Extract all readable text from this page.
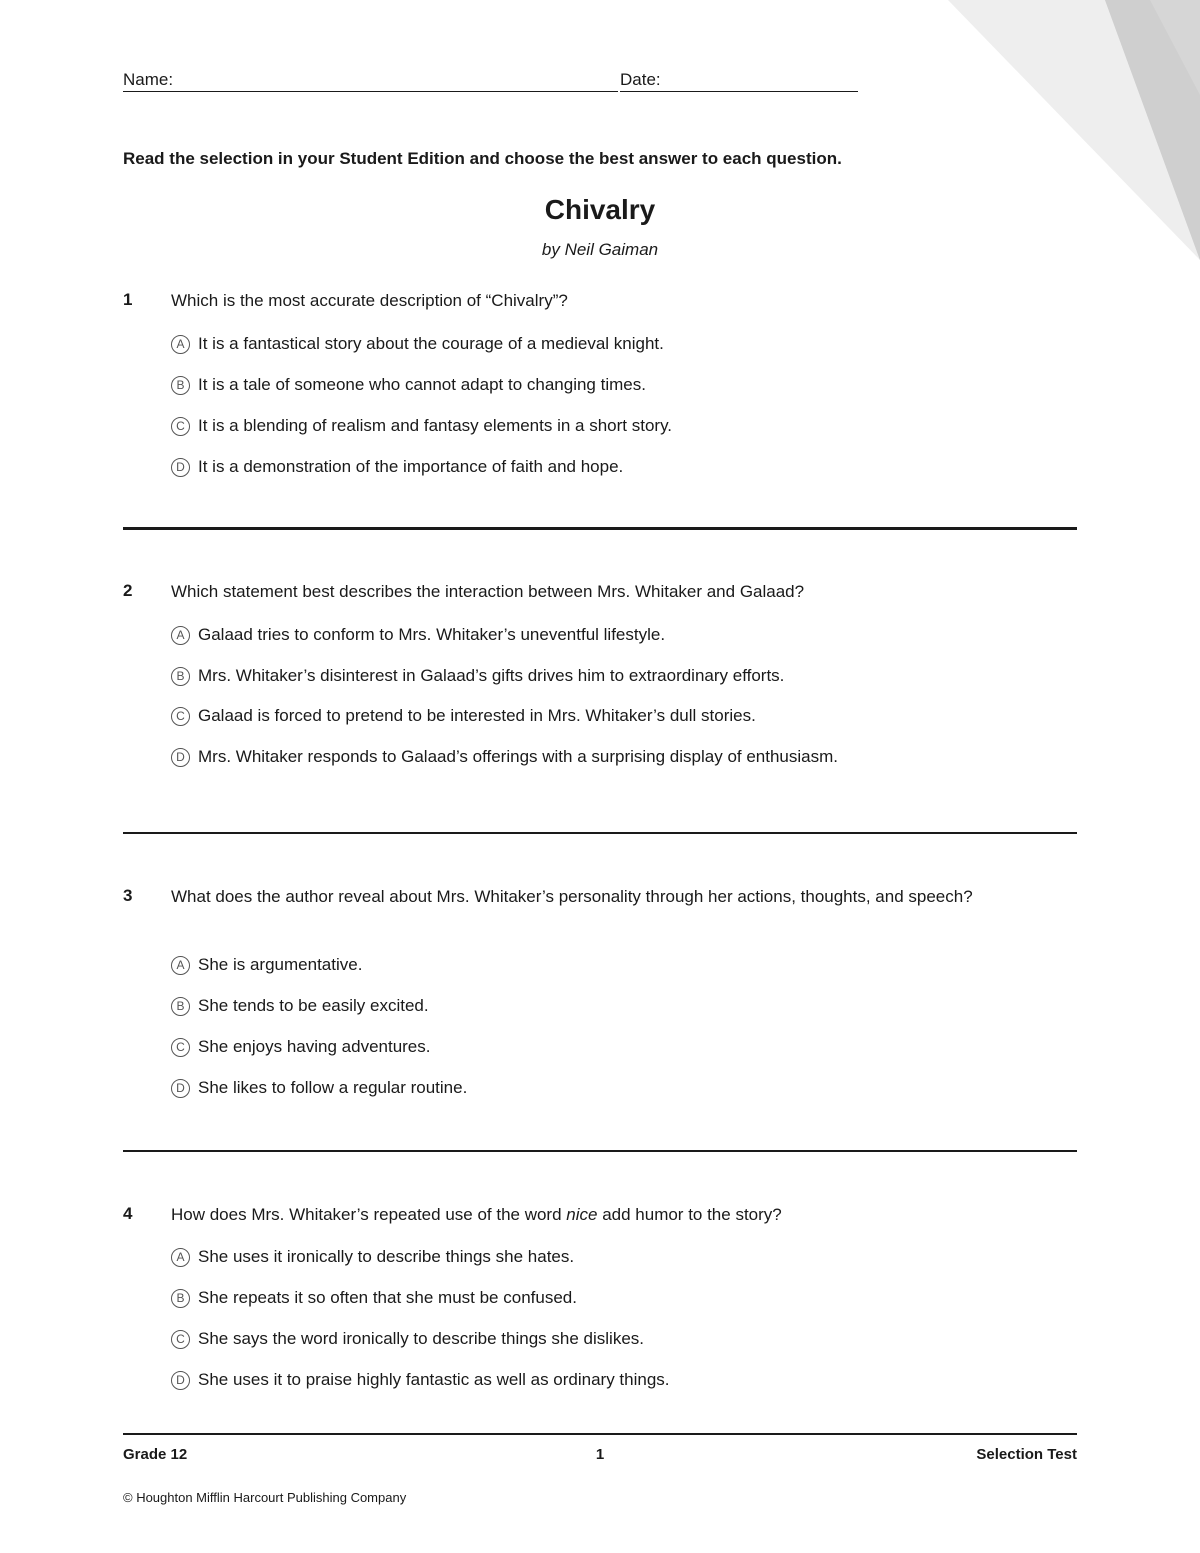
Name:	Date:
Read the selection in your Student Edition and choose the best answer to each question.
Chivalry
by Neil Gaiman
1 Which is the most accurate description of “Chivalry”?
A It is a fantastical story about the courage of a medieval knight.
B It is a tale of someone who cannot adapt to changing times.
C It is a blending of realism and fantasy elements in a short story.
D It is a demonstration of the importance of faith and hope.
2 Which statement best describes the interaction between Mrs. Whitaker and Galaad?
A Galaad tries to conform to Mrs. Whitaker’s uneventful lifestyle.
B Mrs. Whitaker’s disinterest in Galaad’s gifts drives him to extraordinary efforts.
C Galaad is forced to pretend to be interested in Mrs. Whitaker’s dull stories.
D Mrs. Whitaker responds to Galaad’s offerings with a surprising display of enthusiasm.
3 What does the author reveal about Mrs. Whitaker’s personality through her actions, thoughts, and speech?
A She is argumentative.
B She tends to be easily excited.
C She enjoys having adventures.
D She likes to follow a regular routine.
4 How does Mrs. Whitaker’s repeated use of the word nice add humor to the story?
A She uses it ironically to describe things she hates.
B She repeats it so often that she must be confused.
C She says the word ironically to describe things she dislikes.
D She uses it to praise highly fantastic as well as ordinary things.
Grade 12	1	Selection Test
© Houghton Mifflin Harcourt Publishing Company
